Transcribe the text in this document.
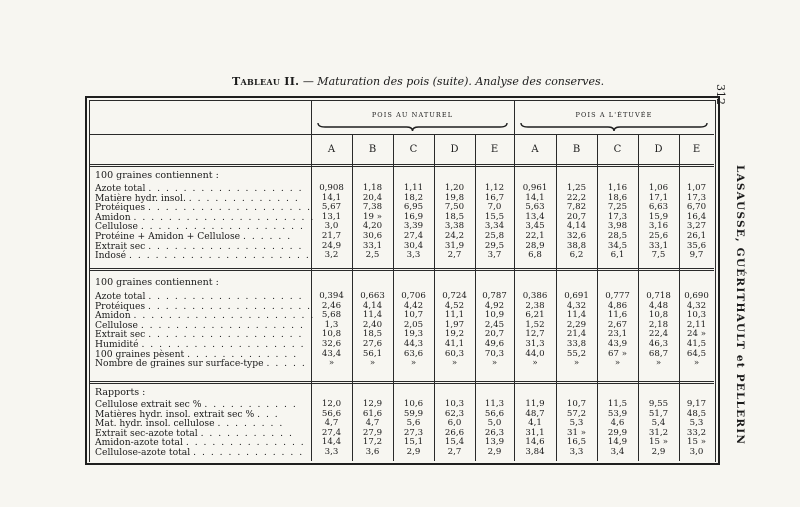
Tableau II. — Maturation des pois (suite). Analyse des conserves.
312
LASAUSSE, GUÉRITHAULT et PELLERIN
POIS AU NATUREL	POIS A L'ÉTUVÉE
A	B	C	D	E	A	B	C	D	E
100 graines contiennent :
Azote total . . . . . . . . . . . . . . . . . .	0,908	1,18	1,11	1,20	1,12	0,961	1,25	1,16	1,06	1,07
Matière hydr. insol. . . . . . . . . . . . . .	14,1	20,4	18,2	19,8	16,7	14,1	22,2	18,6	17,1	17,3
Protéiques . . . . . . . . . . . . . . . . . . .	5,67	7,38	6,95	7,50	7,0	5,63	7,82	7,25	6,63	6,70
Amidon . . . . . . . . . . . . . . . . . . . . . 13,1	19 »	16,9	18,5	15,5	13,4	20,7	17,3	15,9	16,4
Cellulose . . . . . . . . . . . . . . . . . . .	3,0	4,20	3,39	3,38	3,34	3,45	4,14	3,98	3,16	3,27
Protéine + Amidon + Cellulose . . . . . .	21,7	30,6	27,4	24,2	25,8	22,1	32,6	28,5	25,6	26,1
Extrait sec . . . . . . . . . . . . . . . . . .	24,9	33,1	30,4	31,9	29,5	28,9	38,8	34,5	33,1	35,6
Indosé . . . . . . . . . . . . . . . . . . . . .	3,2	2,5	3,3	2,7	3,7	6,8	6,2	6,1	7,5	9,7
100 graines contiennent :
Azote total . . . . . . . . . . . . . . . . . .	0,394	0,663	0,706	0,724	0,787	0,386	0,691	0,777	0,718	0,690
Protéiques . . . . . . . . . . . . . . . . . . .	2,46	4,14	4,42	4,52	4,92	2,38	4,32	4,86	4,48	4,32
Amidon . . . . . . . . . . . . . . . . . . . . . 5,68	11,4	10,7	11,1	10,9	6,21	11,4	11,6	10,8	10,3
Cellulose . . . . . . . . . . . . . . . . . . .	1,3	2,40	2,05	1,97	2,45	1,52	2,29	2,67	2,18	2,11
Extrait sec . . . . . . . . . . . . . . . . . .	10,8	18,5	19,3	19,2	20,7	12,7	21,4	23,1	22,4	24 »
Humidité . . . . . . . . . . . . . . . . . . .	32,6	27,6	44,3	41,1	49,6	31,3	33,8	43,9	46,3	41,5
100 graines pèsent . . . . . . . . . . . . .	43,4	56,1	63,6	60,3	70,3	44,0	55,2	67 »	68,7	64,5
Nombre de graines sur surface-type . . . . .	»	»	»	»	»	»	»	»	»	»
Rapports :
Cellulose extrait sec % . . . . . . . . . . .	12,0	12,9	10,6	10,3	11,3	11,9	10,7	11,5	9,55	9,17
Matières hydr. insol. extrait sec % . . .	56,6	61,6	59,9	62,3	56,6	48,7	57,2	53,9	51,7	48,5
Mat. hydr. insol. cellulose . . . . . . . .	4,7	4,7	5,6	6,0	5,0	4,1	5,3	4,6	5,4	5,3
Extrait sec-azote total . . . . . . . . . . .	27,4	27,9	27,3	26,6	26,3	31,1	31 »	29,9	31,2	33,2
Amidon-azote total . . . . . . . . . . . . . .	14,4	17,2	15,1	15,4	13,9	14,6	16,5	14,9	15 »	15 »
Cellulose-azote total . . . . . . . . . . . . .	3,3	3,6	2,9	2,7	2,9	3,84	3,3	3,4	2,9	3,0
